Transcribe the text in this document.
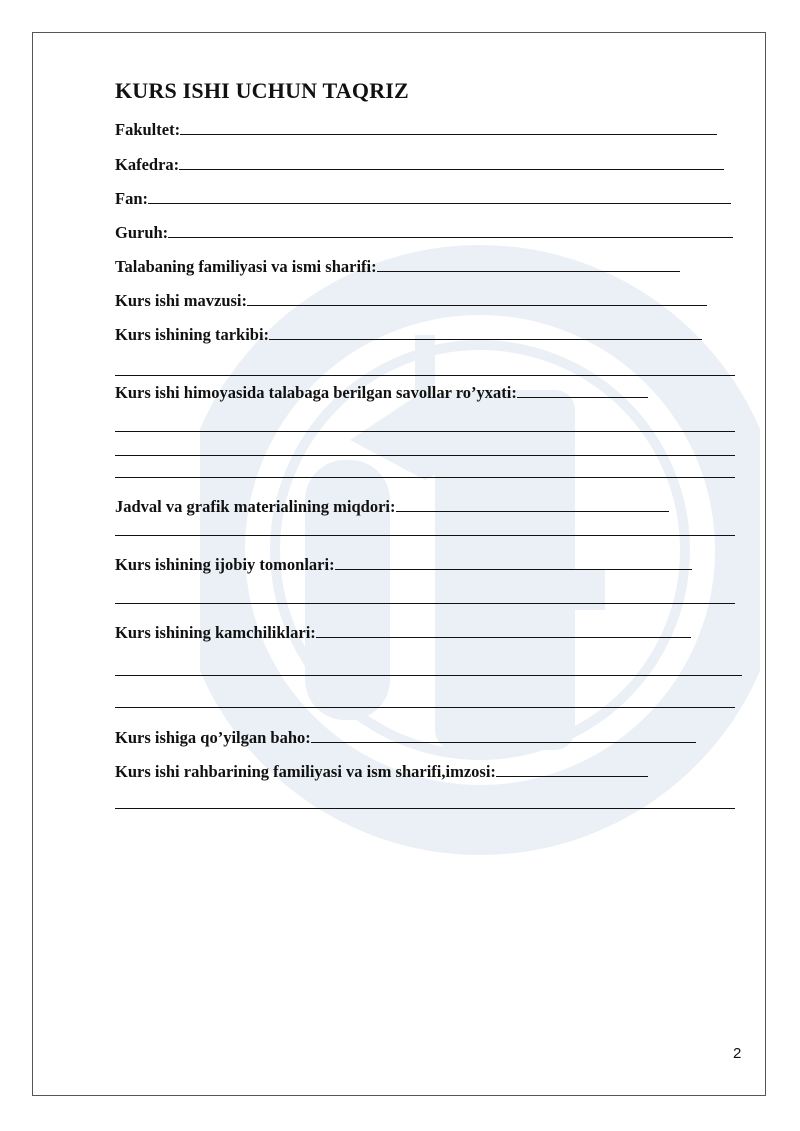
KURS ISHI UCHUN TAQRIZ
Fakultet:
Kafedra:
Fan:
Guruh:
Talabaning familiyasi va ismi sharifi:
Kurs ishi mavzusi:
Kurs ishining tarkibi:
Kurs ishi himoyasida talabaga berilgan savollar ro’yxati:
Jadval va grafik materialining miqdori:
Kurs ishining ijobiy tomonlari:
Kurs ishining kamchiliklari:
Kurs ishiga qo’yilgan baho:
Kurs ishi rahbarining familiyasi va ism sharifi,imzosi:
2
